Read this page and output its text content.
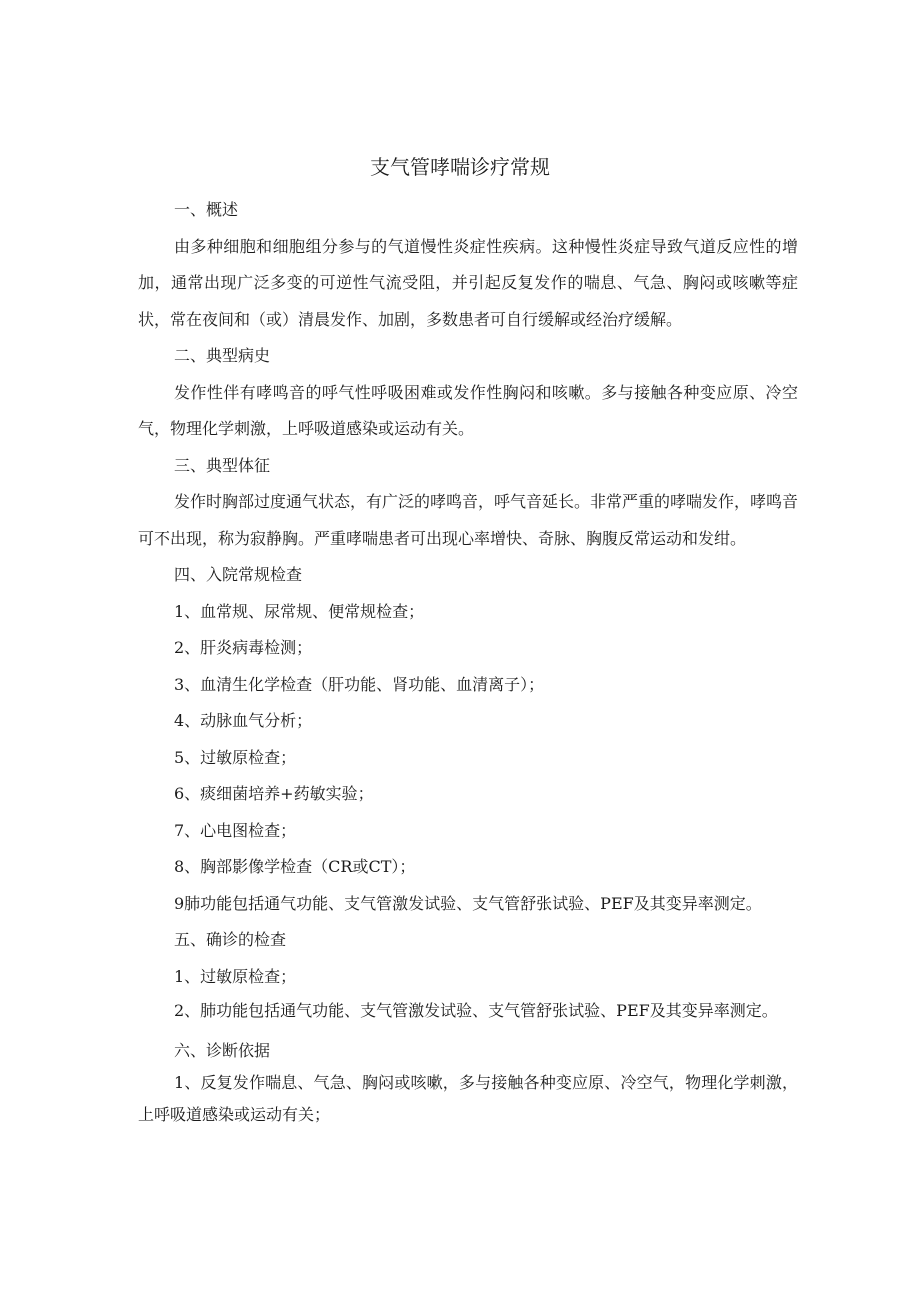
支气管哮喘诊疗常规

一、概述

由多种细胞和细胞组分参与的气道慢性炎症性疾病。这种慢性炎症导致气道反应性的增加，通常出现广泛多变的可逆性气流受阻，并引起反复发作的喘息、气急、胸闷或咳嗽等症状，常在夜间和（或）清晨发作、加剧，多数患者可自行缓解或经治疗缓解。

二、典型病史

发作性伴有哮鸣音的呼气性呼吸困难或发作性胸闷和咳嗽。多与接触各种变应原、冷空气，物理化学刺激，上呼吸道感染或运动有关。

三、典型体征

发作时胸部过度通气状态，有广泛的哮鸣音，呼气音延长。非常严重的哮喘发作，哮鸣音可不出现，称为寂静胸。严重哮喘患者可出现心率增快、奇脉、胸腹反常运动和发绀。

四、入院常规检查

1、血常规、尿常规、便常规检查；

2、肝炎病毒检测；

3、血清生化学检查（肝功能、肾功能、血清离子）；

4、动脉血气分析；

5、过敏原检查；

6、痰细菌培养+药敏实验；

7、心电图检查；

8、胸部影像学检查（CR或CT）；

9肺功能包括通气功能、支气管激发试验、支气管舒张试验、PEF及其变异率测定。

五、确诊的检查

1、过敏原检查；

2、肺功能包括通气功能、支气管激发试验、支气管舒张试验、PEF及其变异率测定。

六、诊断依据

1、反复发作喘息、气急、胸闷或咳嗽，多与接触各种变应原、冷空气，物理化学刺激，上呼吸道感染或运动有关；
